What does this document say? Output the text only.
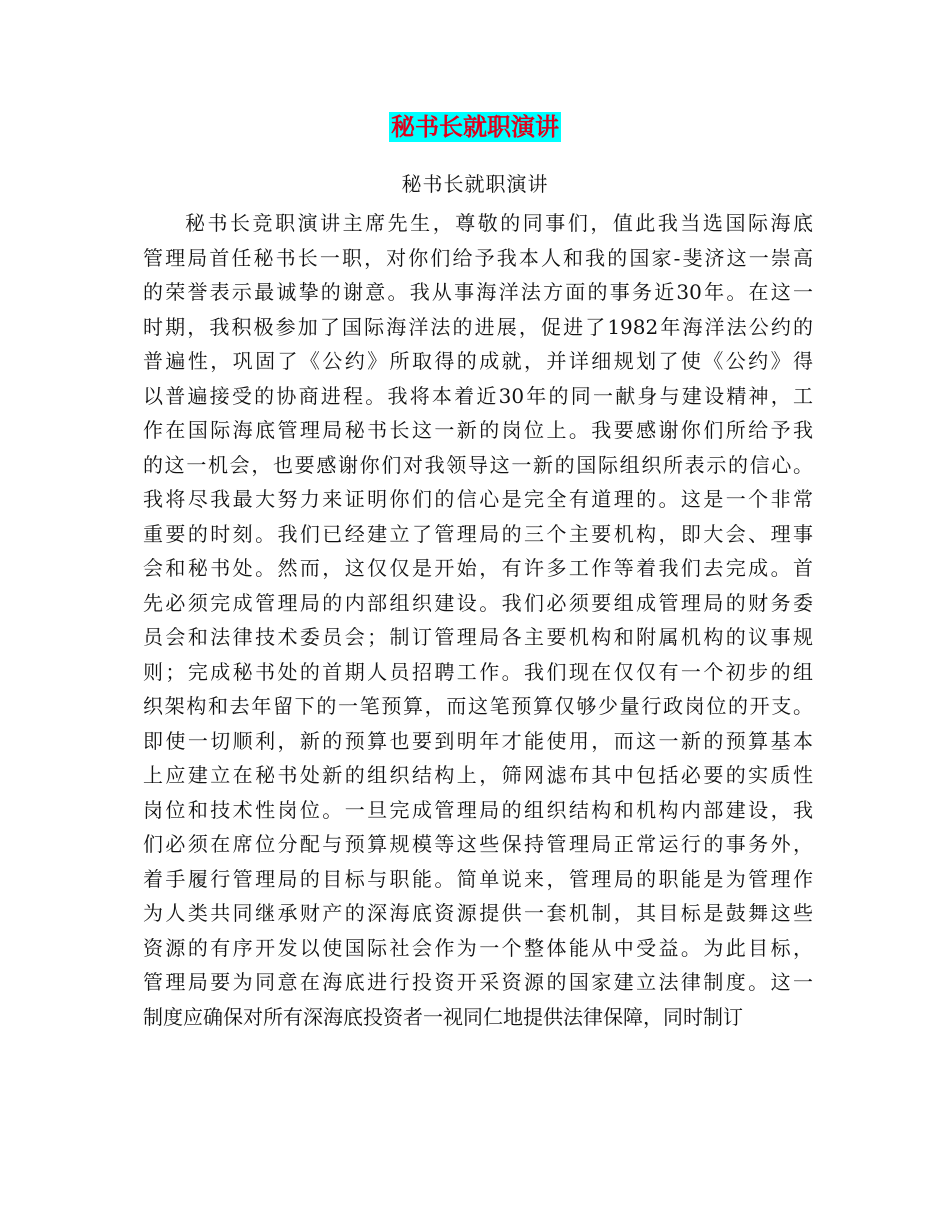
秘书长就职演讲
秘书长就职演讲
秘书长竞职演讲主席先生，尊敬的同事们，值此我当选国际海底
管理局首任秘书长一职，对你们给予我本人和我的国家-斐济这一崇高
的荣誉表示最诚挚的谢意。我从事海洋法方面的事务近30年。在这一
时期，我积极参加了国际海洋法的进展，促进了1982年海洋法公约的
普遍性，巩固了《公约》所取得的成就，并详细规划了使《公约》得
以普遍接受的协商进程。我将本着近30年的同一献身与建设精神，工
作在国际海底管理局秘书长这一新的岗位上。我要感谢你们所给予我
的这一机会，也要感谢你们对我领导这一新的国际组织所表示的信心。
我将尽我最大努力来证明你们的信心是完全有道理的。这是一个非常
重要的时刻。我们已经建立了管理局的三个主要机构，即大会、理事
会和秘书处。然而，这仅仅是开始，有许多工作等着我们去完成。首
先必须完成管理局的内部组织建设。我们必须要组成管理局的财务委
员会和法律技术委员会；制订管理局各主要机构和附属机构的议事规
则；完成秘书处的首期人员招聘工作。我们现在仅仅有一个初步的组
织架构和去年留下的一笔预算，而这笔预算仅够少量行政岗位的开支。
即使一切顺利，新的预算也要到明年才能使用，而这一新的预算基本
上应建立在秘书处新的组织结构上，筛网滤布其中包括必要的实质性
岗位和技术性岗位。一旦完成管理局的组织结构和机构内部建设，我
们必须在席位分配与预算规模等这些保持管理局正常运行的事务外，
着手履行管理局的目标与职能。简单说来，管理局的职能是为管理作
为人类共同继承财产的深海底资源提供一套机制，其目标是鼓舞这些
资源的有序开发以使国际社会作为一个整体能从中受益。为此目标，
管理局要为同意在海底进行投资开采资源的国家建立法律制度。这一
制度应确保对所有深海底投资者一视同仁地提供法律保障，同时制订
